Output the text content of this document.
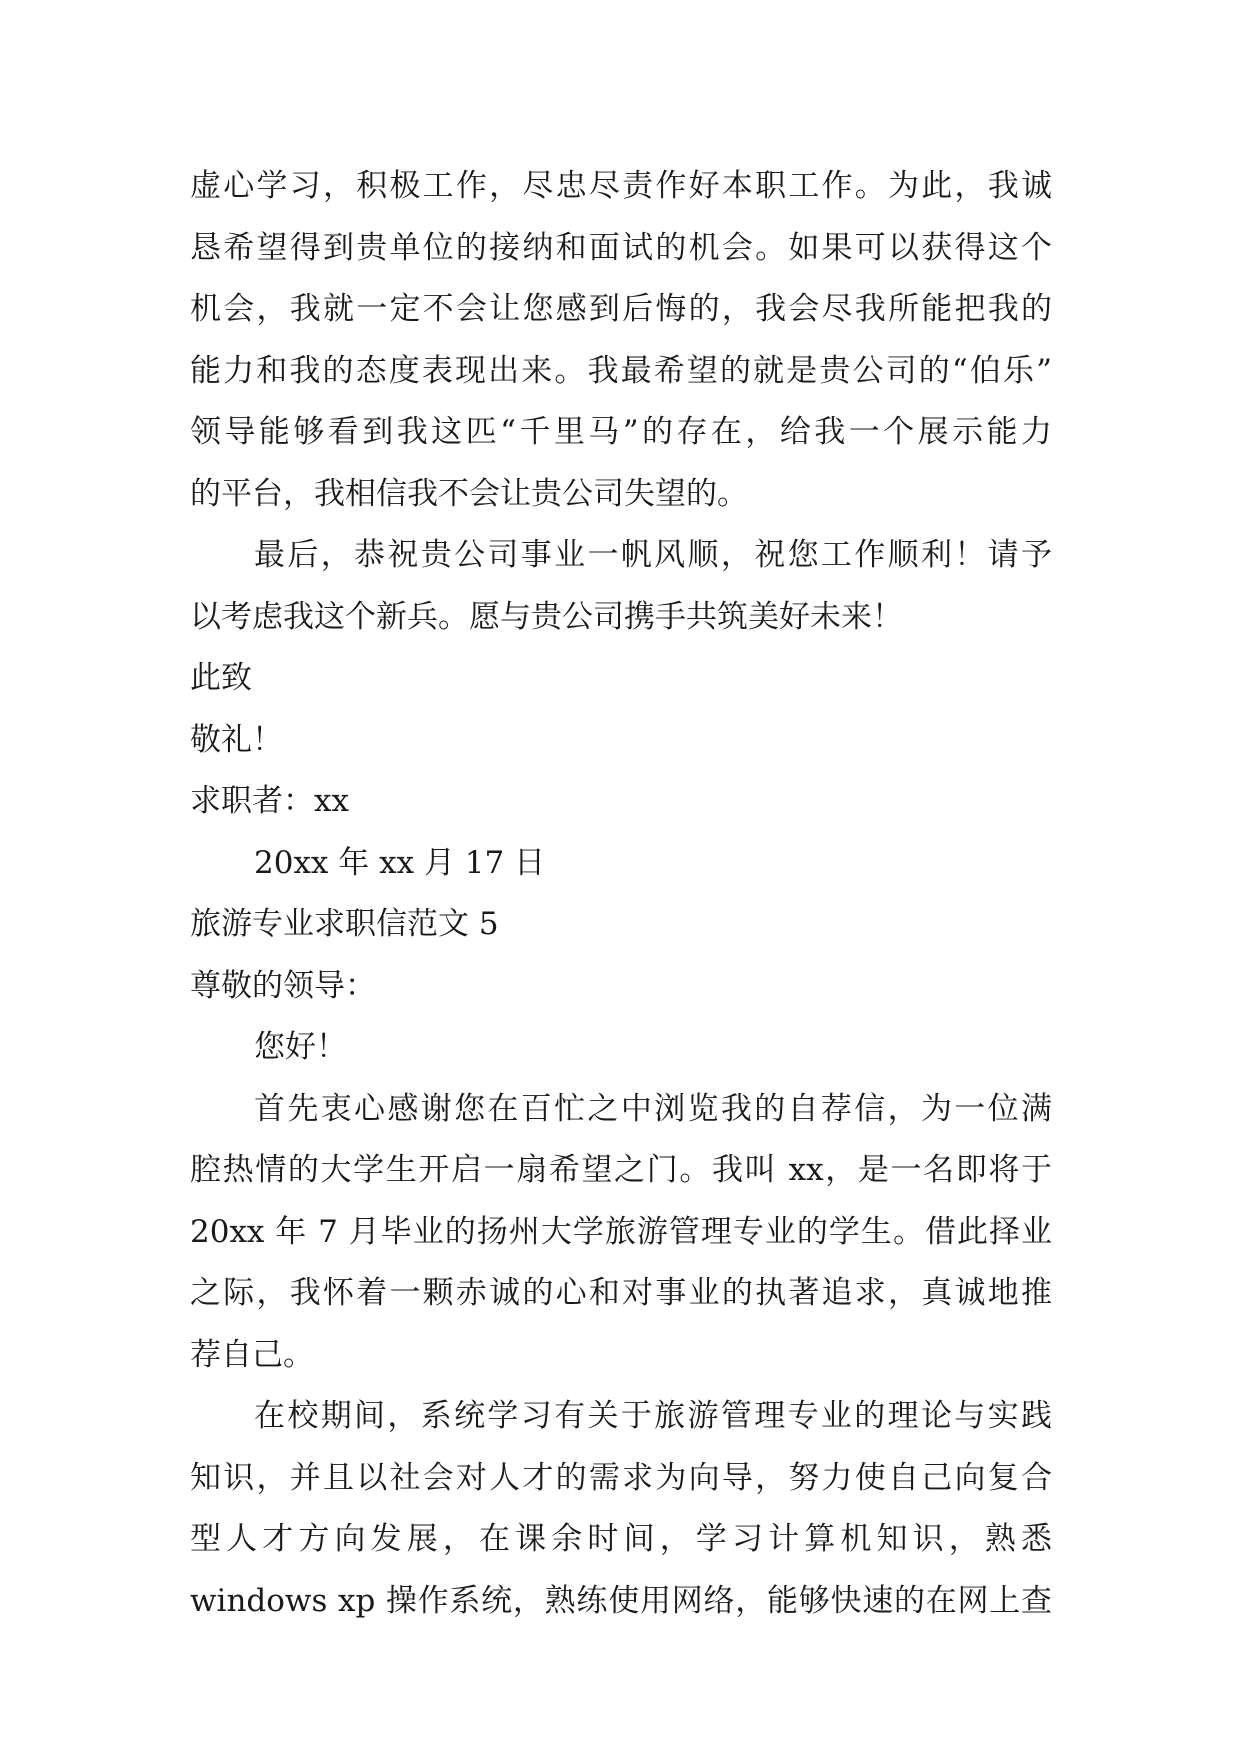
虚心学习，积极工作，尽忠尽责作好本职工作。为此，我诚
恳希望得到贵单位的接纳和面试的机会。如果可以获得这个
机会，我就一定不会让您感到后悔的，我会尽我所能把我的
能力和我的态度表现出来。我最希望的就是贵公司的“伯乐”
领导能够看到我这匹“千里马”的存在，给我一个展示能力
的平台，我相信我不会让贵公司失望的。
最后，恭祝贵公司事业一帆风顺，祝您工作顺利！请予
以考虑我这个新兵。愿与贵公司携手共筑美好未来！
此致
敬礼！
求职者：xx
20xx 年 xx 月 17 日
旅游专业求职信范文 5
尊敬的领导：
您好！
首先衷心感谢您在百忙之中浏览我的自荐信，为一位满
腔热情的大学生开启一扇希望之门。我叫 xx，是一名即将于
20xx 年 7 月毕业的扬州大学旅游管理专业的学生。借此择业
之际，我怀着一颗赤诚的心和对事业的执著追求，真诚地推
荐自己。
在校期间，系统学习有关于旅游管理专业的理论与实践
知识，并且以社会对人才的需求为向导，努力使自己向复合
型人才方向发展，在课余时间，学习计算机知识，熟悉
windows xp 操作系统，熟练使用网络，能够快速的在网上查
